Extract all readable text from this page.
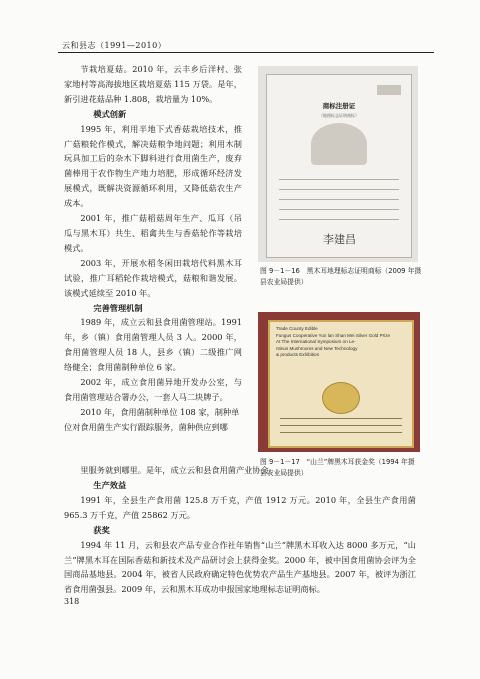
云和县志（1991—2010）

节栽培夏菇。2010 年，云丰乡后洋村、张家地村等高海拔地区栽培夏菇 115 万袋。是年，新引进花菇品种 1.808，栽培量为 10%。

模式创新

1995 年，利用半地下式香菇栽培技术，推广菇粮轮作模式，解决菇粮争地问题；利用木制玩具加工后的杂木下脚料进行食用菌生产，废弃菌棒用于农作物生产地力培肥，形成循环经济发展模式，既解决资源循环利用，又降低菇农生产成本。

2001 年，推广菇稻菇周年生产、瓜耳（吊瓜与黑木耳）共生、稻禽共生与香菇轮作等栽培模式。

2003 年，开展水稻冬闲田栽培代料黑木耳试验，推广耳稻轮作栽培模式，菇粮和谐发展。该模式延续至 2010 年。

完善管理机制

1989 年，成立云和县食用菌管理站。1991年，乡（镇）食用菌管理人员 3 人。2000 年，食用菌管理人员 18 人，县乡（镇）二级推广网络健全；食用菌制种单位 6 家。

2002 年，成立食用菌异地开发办公室，与食用菌管理站合署办公，一套人马二块牌子。

2010 年，食用菌制种单位 108 家，制种单

位对食用菌生产实行跟踪服务，菌种供应到哪

里服务就到哪里。是年，成立云和县食用菌产业协会。

商标注册证
（地理标志证明商标）
李建昌
图 9－1－16　黑木耳地理标志证明商标（2009 年摄　县农业局提供）
Trade County Edible
Fungus Cooperative Yun lan Shan Mei Silver Gold Prize
At The International Symposium on Le-
ntinus Mushrooms and New Technology
& products Exhibition
图 9－1－17　“山兰”牌黑木耳获金奖（1994 年摄　县农业局提供）

生产效益

1991 年，全县生产食用菌 125.8 万千克，产值 1912 万元。2010 年，全县生产食用菌 965.3 万千克，产值 25862 万元。

获奖

1994 年 11 月，云和县农产品专业合作社年销售“山兰”牌黑木耳收入达 8000 多万元，“山兰”牌黑木耳在国际香菇和新技术及产品研讨会上获得金奖。2000 年，被中国食用菌协会评为全国商品基地县。2004 年，被省人民政府确定特色优势农产品生产基地县。2007 年，被评为浙江省食用菌强县。2009 年，云和黑木耳成功申报国家地理标志证明商标。

318
